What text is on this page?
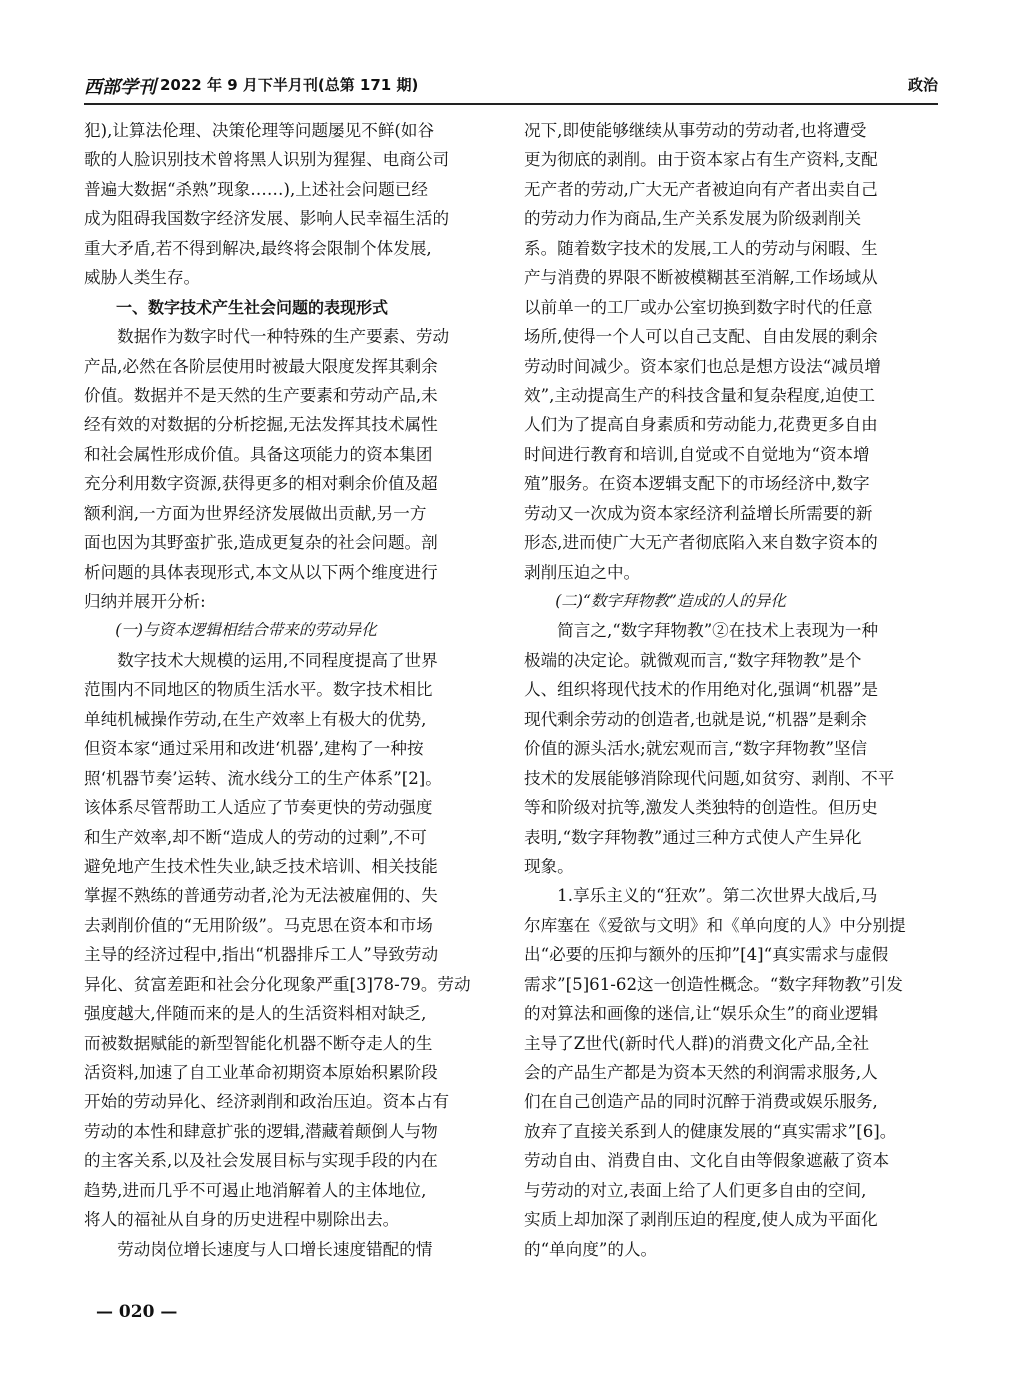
西部学刊 2022 年 9 月下半月刊(总第 171 期)	政治
犯),让算法伦理、决策伦理等问题屡见不鲜(如谷
歌的人脸识别技术曾将黑人识别为猩猩、电商公司
普遍大数据“杀熟”现象……),上述社会问题已经
成为阻碍我国数字经济发展、影响人民幸福生活的
重大矛盾,若不得到解决,最终将会限制个体发展,
威胁人类生存。
　　一、数字技术产生社会问题的表现形式
　　数据作为数字时代一种特殊的生产要素、劳动
产品,必然在各阶层使用时被最大限度发挥其剩余
价值。数据并不是天然的生产要素和劳动产品,未
经有效的对数据的分析挖掘,无法发挥其技术属性
和社会属性形成价值。具备这项能力的资本集团
充分利用数字资源,获得更多的相对剩余价值及超
额利润,一方面为世界经济发展做出贡献,另一方
面也因为其野蛮扩张,造成更复杂的社会问题。剖
析问题的具体表现形式,本文从以下两个维度进行
归纳并展开分析:
　　(一)与资本逻辑相结合带来的劳动异化
　　数字技术大规模的运用,不同程度提高了世界
范围内不同地区的物质生活水平。数字技术相比
单纯机械操作劳动,在生产效率上有极大的优势,
但资本家“通过采用和改进‘机器’,建构了一种按
照‘机器节奏’运转、流水线分工的生产体系”[2]。
该体系尽管帮助工人适应了节奏更快的劳动强度
和生产效率,却不断“造成人的劳动的过剩”,不可
避免地产生技术性失业,缺乏技术培训、相关技能
掌握不熟练的普通劳动者,沦为无法被雇佣的、失
去剥削价值的“无用阶级”。马克思在资本和市场
主导的经济过程中,指出“机器排斥工人”导致劳动
异化、贫富差距和社会分化现象严重[3]78-79。劳动
强度越大,伴随而来的是人的生活资料相对缺乏,
而被数据赋能的新型智能化机器不断夺走人的生
活资料,加速了自工业革命初期资本原始积累阶段
开始的劳动异化、经济剥削和政治压迫。资本占有
劳动的本性和肆意扩张的逻辑,潜藏着颠倒人与物
的主客关系,以及社会发展目标与实现手段的内在
趋势,进而几乎不可遏止地消解着人的主体地位,
将人的福祉从自身的历史进程中剔除出去。
　　劳动岗位增长速度与人口增长速度错配的情
况下,即使能够继续从事劳动的劳动者,也将遭受
更为彻底的剥削。由于资本家占有生产资料,支配
无产者的劳动,广大无产者被迫向有产者出卖自己
的劳动力作为商品,生产关系发展为阶级剥削关
系。随着数字技术的发展,工人的劳动与闲暇、生
产与消费的界限不断被模糊甚至消解,工作场域从
以前单一的工厂或办公室切换到数字时代的任意
场所,使得一个人可以自己支配、自由发展的剩余
劳动时间减少。资本家们也总是想方设法“减员增
效”,主动提高生产的科技含量和复杂程度,迫使工
人们为了提高自身素质和劳动能力,花费更多自由
时间进行教育和培训,自觉或不自觉地为“资本增
殖”服务。在资本逻辑支配下的市场经济中,数字
劳动又一次成为资本家经济利益增长所需要的新
形态,进而使广大无产者彻底陷入来自数字资本的
剥削压迫之中。
　　(二)“数字拜物教”造成的人的异化
　　简言之,“数字拜物教”②在技术上表现为一种
极端的决定论。就微观而言,“数字拜物教”是个
人、组织将现代技术的作用绝对化,强调“机器”是
现代剩余劳动的创造者,也就是说,“机器”是剩余
价值的源头活水;就宏观而言,“数字拜物教”坚信
技术的发展能够消除现代问题,如贫穷、剥削、不平
等和阶级对抗等,激发人类独特的创造性。但历史
表明,“数字拜物教”通过三种方式使人产生异化
现象。
　　1.享乐主义的“狂欢”。第二次世界大战后,马
尔库塞在《爱欲与文明》和《单向度的人》中分别提
出“必要的压抑与额外的压抑”[4]“真实需求与虚假
需求”[5]61-62这一创造性概念。“数字拜物教”引发
的对算法和画像的迷信,让“娱乐众生”的商业逻辑
主导了Z世代(新时代人群)的消费文化产品,全社
会的产品生产都是为资本天然的利润需求服务,人
们在自己创造产品的同时沉醉于消费或娱乐服务,
放弃了直接关系到人的健康发展的“真实需求”[6]。
劳动自由、消费自由、文化自由等假象遮蔽了资本
与劳动的对立,表面上给了人们更多自由的空间,
实质上却加深了剥削压迫的程度,使人成为平面化
的“单向度”的人。
— 020 —
